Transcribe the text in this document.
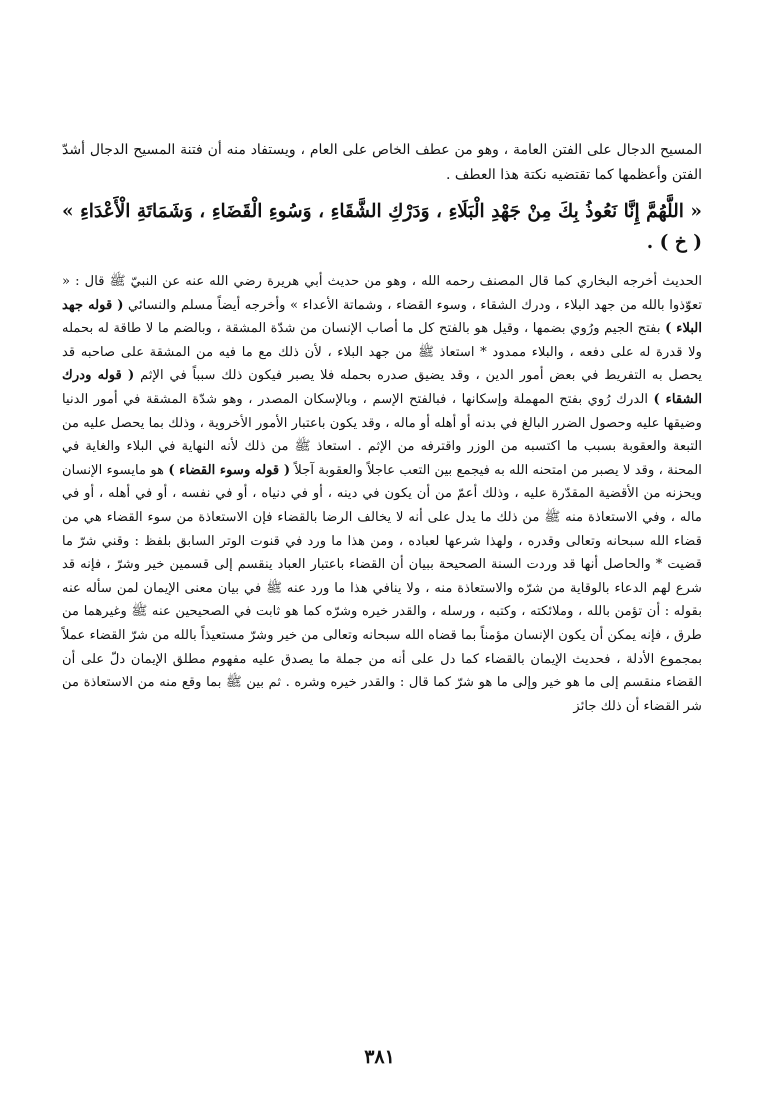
المسيح الدجال على الفتن العامة ، وهو من عطف الخاص على العام ، ويستفاد منه أن فتنة المسيح الدجال أشدّ الفتن وأعظمها كما تقتضيه نكتة هذا العطف .

« اللَّهُمَّ إِنَّا نَعُوذُ بِكَ مِنْ جَهْدِ الْبَلَاءِ ، وَدَرْكِ الشَّقَاءِ ، وَسُوءِ الْقَضَاءِ ، وَشَمَاتَةِ الْأَعْدَاءِ » ( خ ) .

الحديث أخرجه البخاري كما قال المصنف رحمه الله ، وهو من حديث أبي هريرة رضي الله عنه عن النبيّ ﷺ قال : « تعوّذوا بالله من جهد البلاء ، ودرك الشقاء ، وسوء القضاء ، وشماتة الأعداء » وأخرجه أيضاً مسلم والنسائي ( قوله جهد البلاء ) بفتح الجيم ورُوي بضمها ، وقيل هو بالفتح كل ما أصاب الإنسان من شدّة المشقة ، وبالضم ما لا طاقة له بحمله ولا قدرة له على دفعه ، والبلاء ممدود * استعاذ ﷺ من جهد البلاء ، لأن ذلك مع ما فيه من المشقة على صاحبه قد يحصل به التفريط في بعض أمور الدين ، وقد يضيق صدره بحمله فلا يصبر فيكون ذلك سبباً في الإثم ( قوله ودرك الشقاء ) الدرك رُوي بفتح المهملة وإسكانها ، فبالفتح الإسم ، وبالإسكان المصدر ، وهو شدّة المشقة في أمور الدنيا وضيقها عليه وحصول الضرر البالغ في بدنه أو أهله أو ماله ، وقد يكون باعتبار الأمور الأخروية ، وذلك بما يحصل عليه من التبعة والعقوبة بسبب ما اكتسبه من الوزر واقترفه من الإثم . استعاذ ﷺ من ذلك لأنه النهاية في البلاء والغاية في المحنة ، وقد لا يصبر من امتحنه الله به فيجمع بين التعب عاجلاً والعقوبة آجلاً ( قوله وسوء القضاء ) هو مايسوء الإنسان ويحزنه من الأقضية المقدّرة عليه ، وذلك أعمّ من أن يكون في دينه ، أو في دنياه ، أو في نفسه ، أو في أهله ، أو في ماله ، وفي الاستعاذة منه ﷺ من ذلك ما يدل على أنه لا يخالف الرضا بالقضاء فإن الاستعاذة من سوء القضاء هي من قضاء الله سبحانه وتعالى وقدره ، ولهذا شرعها لعباده ، ومن هذا ما ورد في قنوت الوتر السابق بلفظ : وقني شرّ ما قضيت * والحاصل أنها قد وردت السنة الصحيحة ببيان أن القضاء باعتبار العباد ينقسم إلى قسمين خير وشرّ ، فإنه قد شرع لهم الدعاء بالوقاية من شرّه والاستعاذة منه ، ولا ينافي هذا ما ورد عنه ﷺ في بيان معنى الإيمان لمن سأله عنه بقوله : أن تؤمن بالله ، وملائكته ، وكتبه ، ورسله ، والقدر خيره وشرّه كما هو ثابت في الصحيحين عنه ﷺ وغيرهما من طرق ، فإنه يمكن أن يكون الإنسان مؤمناً بما قضاه الله سبحانه وتعالى من خير وشرّ مستعيذاً بالله من شرّ القضاء عملاً بمجموع الأدلة ، فحديث الإيمان بالقضاء كما دل على أنه من جملة ما يصدق عليه مفهوم مطلق الإيمان دلّ على أن القضاء منقسم إلى ما هو خير وإلى ما هو شرّ كما قال : والقدر خيره وشره . ثم بين ﷺ بما وقع منه من الاستعاذة من شر القضاء أن ذلك جائز

٣٨١
